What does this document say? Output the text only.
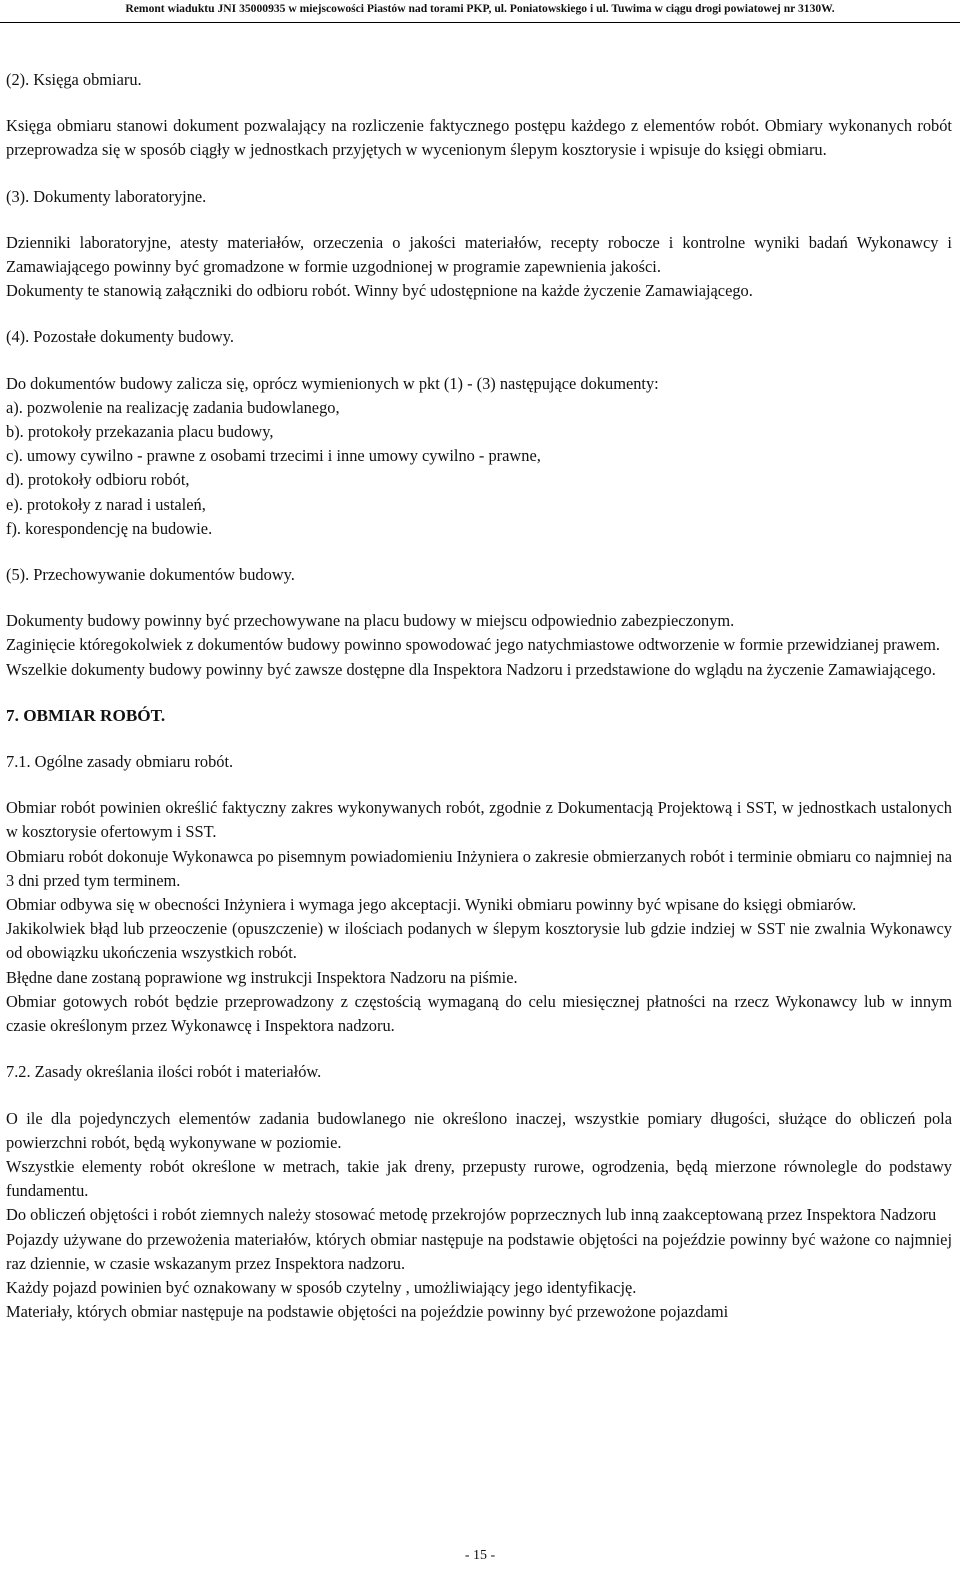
Remont wiaduktu JNI 35000935 w miejscowości Piastów nad torami PKP, ul. Poniatowskiego i ul. Tuwima w ciągu drogi powiatowej nr 3130W.

(2). Księga obmiaru.

Księga obmiaru stanowi dokument pozwalający na rozliczenie faktycznego postępu każdego z elementów robót. Obmiary wykonanych robót przeprowadza się w sposób ciągły w jednostkach przyjętych w wycenionym ślepym kosztorysie i wpisuje do księgi obmiaru.

(3). Dokumenty laboratoryjne.

Dzienniki laboratoryjne, atesty materiałów, orzeczenia o jakości materiałów, recepty robocze i kontrolne wyniki badań Wykonawcy i Zamawiającego powinny być gromadzone w formie uzgodnionej w programie zapewnienia jakości.

Dokumenty te stanowią załączniki do odbioru robót. Winny być udostępnione na każde życzenie Zamawiającego.

(4). Pozostałe dokumenty budowy.

Do dokumentów budowy zalicza się, oprócz wymienionych w pkt (1) - (3) następujące dokumenty:

a). pozwolenie na realizację zadania budowlanego,

b). protokoły przekazania placu budowy,

c). umowy cywilno - prawne z osobami trzecimi i inne umowy cywilno - prawne,

d). protokoły odbioru robót,

e). protokoły z narad i ustaleń,

f). korespondencję na budowie.

(5). Przechowywanie dokumentów budowy.

Dokumenty budowy powinny być przechowywane na placu budowy w miejscu odpowiednio zabezpieczonym.

Zaginięcie któregokolwiek z dokumentów budowy powinno spowodować jego natychmiastowe odtworzenie w formie przewidzianej prawem.

Wszelkie dokumenty budowy powinny być zawsze dostępne dla Inspektora Nadzoru i przedstawione do wglądu na życzenie Zamawiającego.

7. OBMIAR ROBÓT.

7.1. Ogólne zasady obmiaru robót.

Obmiar robót powinien określić faktyczny zakres wykonywanych robót, zgodnie z Dokumentacją Projektową i SST, w jednostkach ustalonych w kosztorysie ofertowym i SST.

Obmiaru robót dokonuje Wykonawca po pisemnym powiadomieniu Inżyniera o zakresie obmierzanych robót i terminie obmiaru co najmniej na 3 dni przed tym terminem.

Obmiar odbywa się w obecności Inżyniera i wymaga jego akceptacji. Wyniki obmiaru powinny być wpisane do księgi obmiarów.

Jakikolwiek błąd lub przeoczenie (opuszczenie) w ilościach podanych w ślepym kosztorysie lub gdzie indziej w SST nie zwalnia Wykonawcy od obowiązku ukończenia wszystkich robót.

Błędne dane zostaną poprawione wg instrukcji Inspektora Nadzoru na piśmie.

Obmiar gotowych robót będzie przeprowadzony z częstością wymaganą do celu miesięcznej płatności na rzecz Wykonawcy lub w innym czasie określonym przez Wykonawcę i Inspektora nadzoru.

7.2. Zasady określania ilości robót i materiałów.

O ile dla pojedynczych elementów zadania budowlanego nie określono inaczej, wszystkie pomiary długości, służące do obliczeń pola powierzchni robót, będą wykonywane w poziomie.

Wszystkie elementy robót określone w metrach, takie jak dreny, przepusty rurowe, ogrodzenia, będą mierzone równolegle do podstawy fundamentu.

Do obliczeń objętości i robót ziemnych należy stosować metodę przekrojów poprzecznych lub inną zaakceptowaną przez Inspektora Nadzoru

Pojazdy używane do przewożenia materiałów, których obmiar następuje na podstawie objętości na pojeździe powinny być ważone co najmniej raz dziennie, w czasie wskazanym przez Inspektora nadzoru.

Każdy pojazd powinien być oznakowany w sposób czytelny , umożliwiający jego identyfikację.

Materiały, których obmiar następuje na podstawie objętości na pojeździe powinny być przewożone pojazdami

- 15 -
